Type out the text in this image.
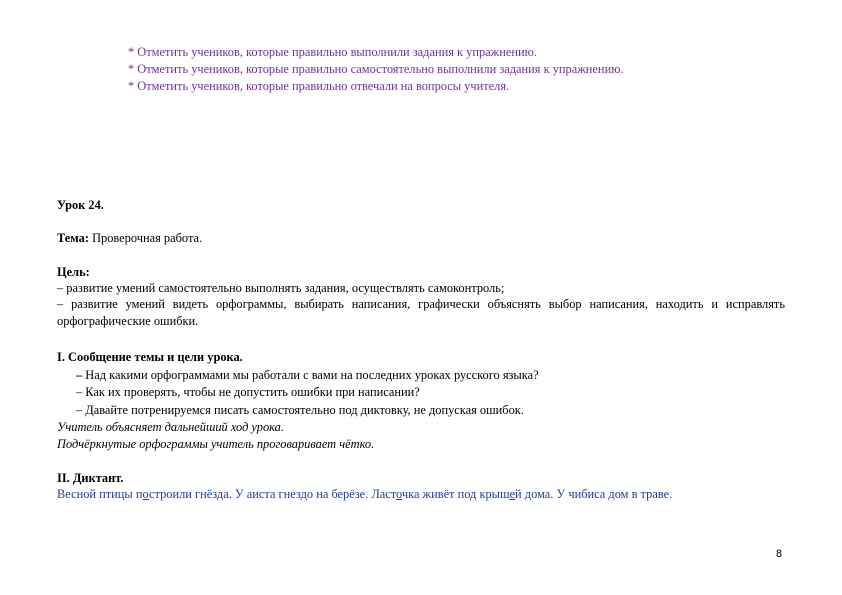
* Отметить учеников, которые правильно выполнили задания к упражнению.
* Отметить учеников, которые правильно самостоятельно выполнили задания к упражнению.
* Отметить учеников, которые правильно отвечали на вопросы учителя.
Урок 24.
Тема: Проверочная работа.
Цель:
– развитие умений самостоятельно выполнять задания, осуществлять самоконтроль;
– развитие умений видеть орфограммы, выбирать написания, графически объяснять выбор написания, находить и исправлять орфографические ошибки.
I. Сообщение темы и цели урока.
– Над какими орфограммами мы работали с вами на последних уроках русского языка?
– Как их проверять, чтобы не допустить ошибки при написании?
– Давайте потренируемся писать самостоятельно под диктовку, не допуская ошибок.
Учитель объясняет дальнейший ход урока.
Подчёркнутые орфограммы учитель проговаривает чётко.
II. Диктант.
Весной птицы построили гнёзда. У аиста гнездо на берёзе. Ласточка живёт под крышей дома. У чибиса дом в траве.
8
